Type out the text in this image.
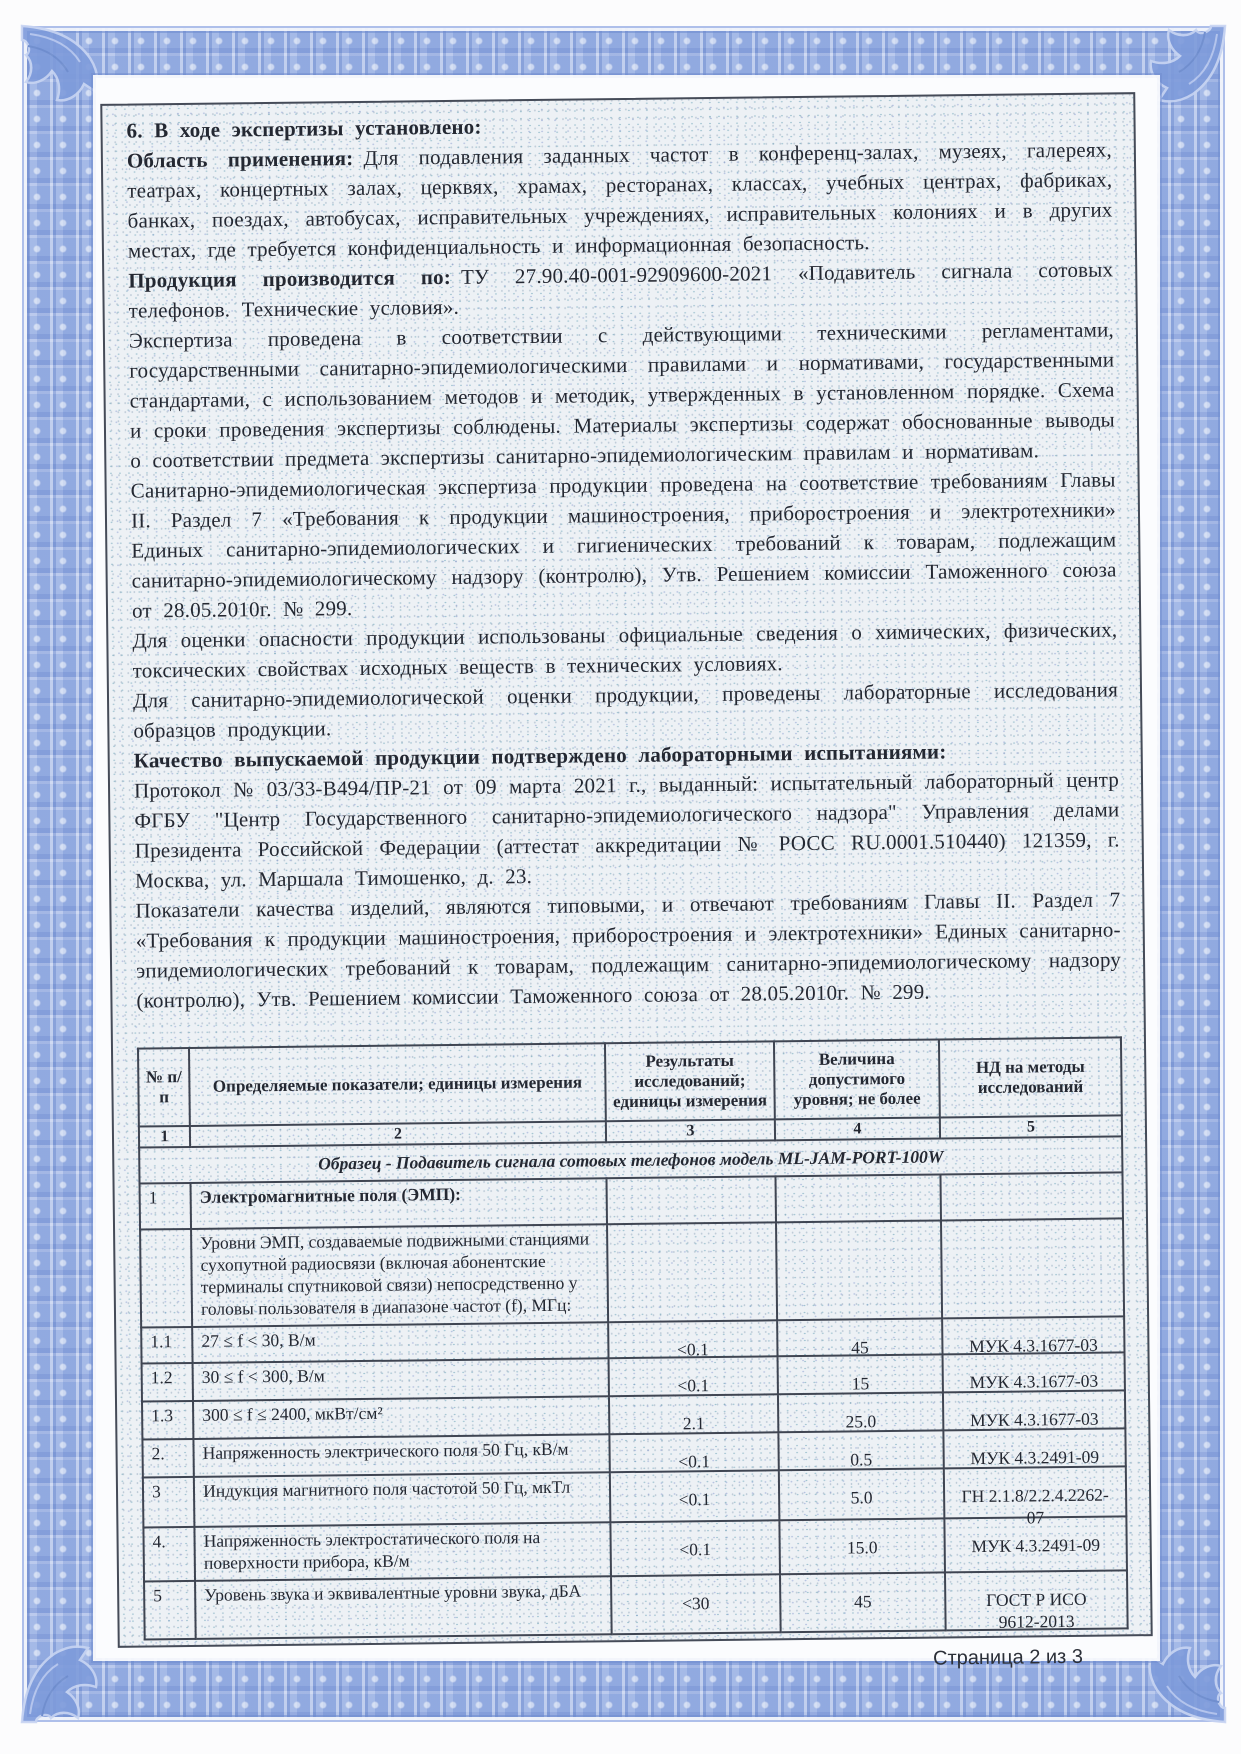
6. В ходе экспертизы установлено:

Область применения: Для подавления заданных частот в конференц-залах, музеях, галереях, театрах, концертных залах, церквях, храмах, ресторанах, классах, учебных центрах, фабриках, банках, поездах, автобусах, исправительных учреждениях, исправительных колониях и в других местах, где требуется конфиденциальность и информационная безопасность.

Продукция производится по: ТУ 27.90.40-001-92909600-2021 «Подавитель сигнала сотовых телефонов. Технические условия».

Экспертиза проведена в соответствии с действующими техническими регламентами, государственными санитарно-эпидемиологическими правилами и нормативами, государственными стандартами, с использованием методов и методик, утвержденных в установленном порядке. Схема и сроки проведения экспертизы соблюдены. Материалы экспертизы содержат обоснованные выводы о соответствии предмета экспертизы санитарно-эпидемиологическим правилам и нормативам.

Санитарно-эпидемиологическая экспертиза продукции проведена на соответствие требованиям Главы II. Раздел 7 «Требования к продукции машиностроения, приборостроения и электротехники» Единых санитарно-эпидемиологических и гигиенических требований к товарам, подлежащим санитарно-эпидемиологическому надзору (контролю), Утв. Решением комиссии Таможенного союза от 28.05.2010г. № 299.

Для оценки опасности продукции использованы официальные сведения о химических, физических, токсических свойствах исходных веществ в технических условиях.

Для санитарно-эпидемиологической оценки продукции, проведены лабораторные исследования образцов продукции.

Качество выпускаемой продукции подтверждено лабораторными испытаниями:

Протокол № 03/33-В494/ПР-21 от 09 марта 2021 г., выданный: испытательный лабораторный центр ФГБУ "Центр Государственного санитарно-эпидемиологического надзора" Управления делами Президента Российской Федерации (аттестат аккредитации № РОСС RU.0001.510440) 121359, г. Москва, ул. Маршала Тимошенко, д. 23.

Показатели качества изделий, являются типовыми, и отвечают требованиям Главы II. Раздел 7 «Требования к продукции машиностроения, приборостроения и электротехники» Единых санитарно-эпидемиологических требований к товарам, подлежащим санитарно-эпидемиологическому надзору (контролю), Утв. Решением комиссии Таможенного союза от 28.05.2010г. № 299.

№ п/п	Определяемые показатели; единицы измерения	Результаты исследований; единицы измерения	Величина допустимого уровня; не более	НД на методы исследований
1	2	3	4	5
Образец - Подавитель сигнала сотовых телефонов модель ML-JAM-PORT-100W				
1	Электромагнитные поля (ЭМП):			
	Уровни ЭМП, создаваемые подвижными станциями сухопутной радиосвязи (включая абонентские терминалы спутниковой связи) непосредственно у головы пользователя в диапазоне частот (f), МГц:			
1.1	27 ≤ f < 30, В/м	<0.1	45	МУК 4.3.1677-03
1.2	30 ≤ f < 300, В/м	<0.1	15	МУК 4.3.1677-03
1.3	300 ≤ f ≤ 2400, мкВт/см²	2.1	25.0	МУК 4.3.1677-03
2.	Напряженность электрического поля 50 Гц, кВ/м	<0.1	0.5	МУК 4.3.2491-09
3	Индукция магнитного поля частотой 50 Гц, мкТл	<0.1	5.0	ГН 2.1.8/2.2.4.2262-07
4.	Напряженность электростатического поля на поверхности прибора, кВ/м	<0.1	15.0	МУК 4.3.2491-09
5	Уровень звука и эквивалентные уровни звука, дБА	<30	45	ГОСТ Р ИСО
9612-2013
Страница 2 из 3
